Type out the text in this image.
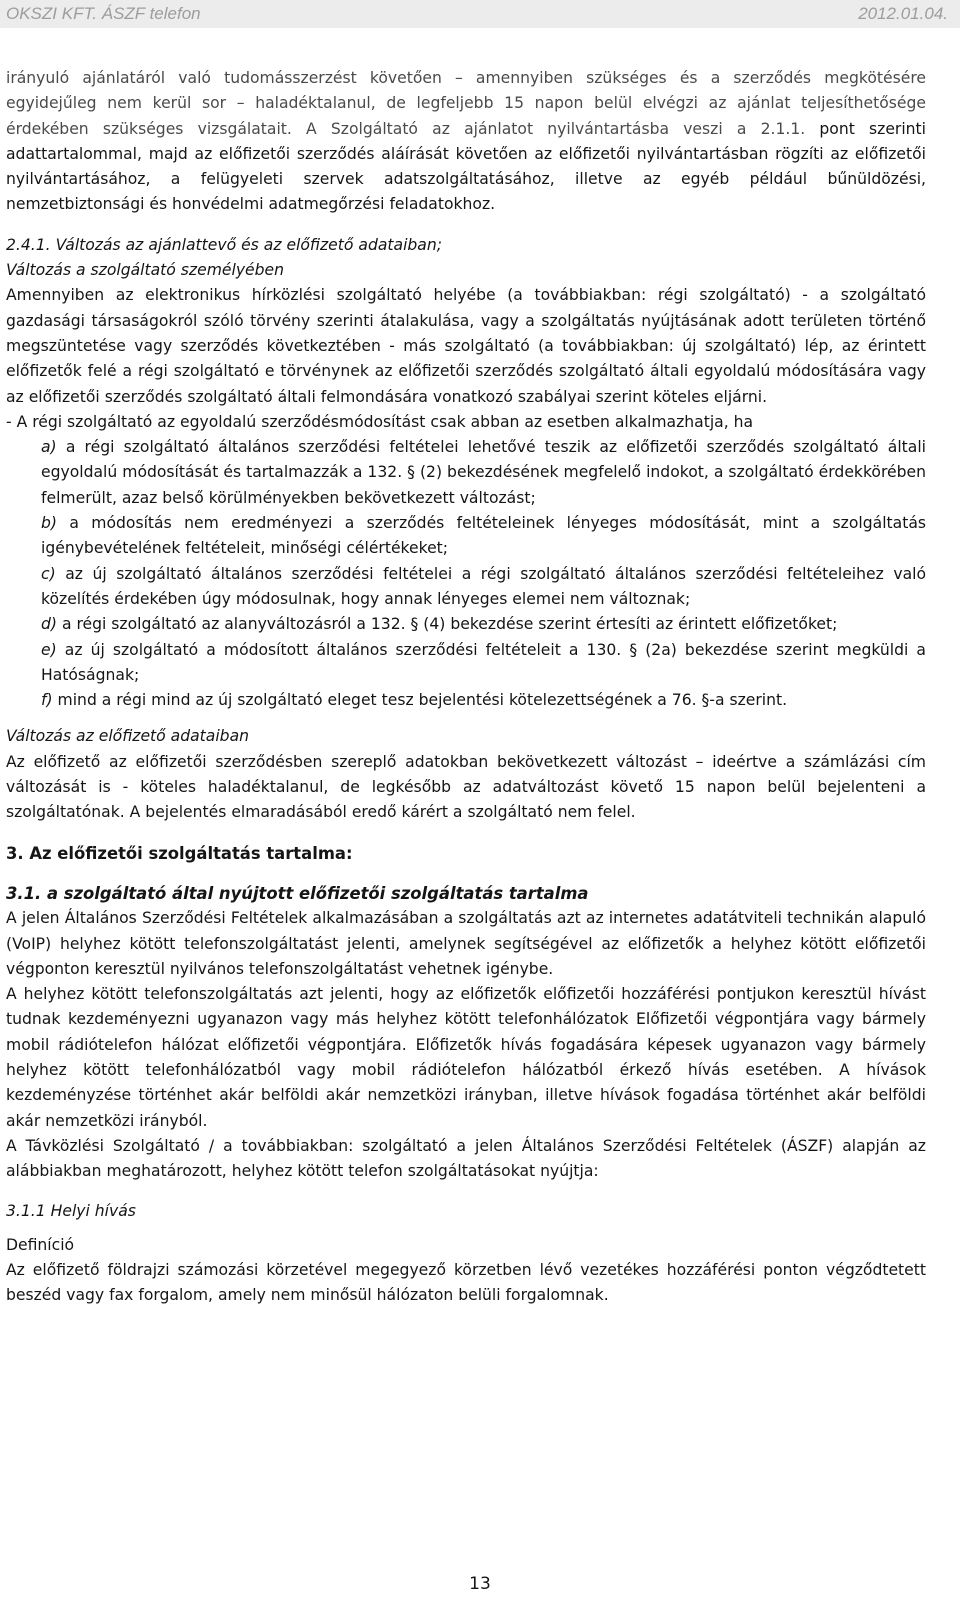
OKSZI KFT. ÁSZF telefon	2012.01.04.

irányuló ajánlatáról való tudomásszerzést követően – amennyiben szükséges és a szerződés megkötésére egyidejűleg nem kerül sor – haladéktalanul, de legfeljebb 15 napon belül elvégzi az ajánlat teljesíthetősége érdekében szükséges vizsgálatait. A Szolgáltató az ajánlatot nyilvántartásba veszi a 2.1.1. pont szerinti adattartalommal, majd az előfizetői szerződés aláírását követően az előfizetői nyilvántartásban rögzíti az előfizetői nyilvántartásához, a felügyeleti szervek adatszolgáltatásához, illetve az egyéb például bűnüldözési, nemzetbiztonsági és honvédelmi adatmegőrzési feladatokhoz.

2.4.1. Változás az ajánlattevő és az előfizető adataiban;

Változás a szolgáltató személyében

Amennyiben az elektronikus hírközlési szolgáltató helyébe (a továbbiakban: régi szolgáltató) - a szolgáltató gazdasági társaságokról szóló törvény szerinti átalakulása, vagy a szolgáltatás nyújtásának adott területen történő megszüntetése vagy szerződés következtében - más szolgáltató (a továbbiakban: új szolgáltató) lép, az érintett előfizetők felé a régi szolgáltató e törvénynek az előfizetői szerződés szolgáltató általi egyoldalú módosítására vagy az előfizetői szerződés szolgáltató általi felmondására vonatkozó szabályai szerint köteles eljárni.

- A régi szolgáltató az egyoldalú szerződésmódosítást csak abban az esetben alkalmazhatja, ha

a) a régi szolgáltató általános szerződési feltételei lehetővé teszik az előfizetői szerződés szolgáltató általi egyoldalú módosítását és tartalmazzák a 132. § (2) bekezdésének megfelelő indokot, a szolgáltató érdekkörében felmerült, azaz belső körülményekben bekövetkezett változást;

b) a módosítás nem eredményezi a szerződés feltételeinek lényeges módosítását, mint a szolgáltatás igénybevételének feltételeit, minőségi célértékeket;

c) az új szolgáltató általános szerződési feltételei a régi szolgáltató általános szerződési feltételeihez való közelítés érdekében úgy módosulnak, hogy annak lényeges elemei nem változnak;

d) a régi szolgáltató az alanyváltozásról a 132. § (4) bekezdése szerint értesíti az érintett előfizetőket;

e) az új szolgáltató a módosított általános szerződési feltételeit a 130. § (2a) bekezdése szerint megküldi a Hatóságnak;

f) mind a régi mind az új szolgáltató eleget tesz bejelentési kötelezettségének a 76. §-a szerint.

Változás az előfizető adataiban

Az előfizető az előfizetői szerződésben szereplő adatokban bekövetkezett változást – ideértve a számlázási cím változását is - köteles haladéktalanul, de legkésőbb az adatváltozást követő 15 napon belül bejelenteni a szolgáltatónak. A bejelentés elmaradásából eredő kárért a szolgáltató nem felel.

3. Az előfizetői szolgáltatás tartalma:

3.1. a szolgáltató által nyújtott előfizetői szolgáltatás tartalma

A jelen Általános Szerződési Feltételek alkalmazásában a szolgáltatás azt az internetes adatátviteli technikán alapuló (VoIP) helyhez kötött telefonszolgáltatást jelenti, amelynek segítségével az előfizetők a helyhez kötött előfizetői végponton keresztül nyilvános telefonszolgáltatást vehetnek igénybe.

A helyhez kötött telefonszolgáltatás azt jelenti, hogy az előfizetők előfizetői hozzáférési pontjukon keresztül hívást tudnak kezdeményezni ugyanazon vagy más helyhez kötött telefonhálózatok Előfizetői végpontjára vagy bármely mobil rádiótelefon hálózat előfizetői végpontjára. Előfizetők hívás fogadására képesek ugyanazon vagy bármely helyhez kötött telefonhálózatból vagy mobil rádiótelefon hálózatból érkező hívás esetében. A hívások kezdeményzése történhet akár belföldi akár nemzetközi irányban, illetve hívások fogadása történhet akár belföldi akár nemzetközi irányból.

A Távközlési Szolgáltató / a továbbiakban: szolgáltató a jelen Általános Szerződési Feltételek (ÁSZF) alapján az alábbiakban meghatározott, helyhez kötött telefon szolgáltatásokat nyújtja:

3.1.1 Helyi hívás

Definíció

Az előfizető földrajzi számozási körzetével megegyező körzetben lévő vezetékes hozzáférési ponton végződtetett beszéd vagy fax forgalom, amely nem minősül hálózaton belüli forgalomnak.

13
